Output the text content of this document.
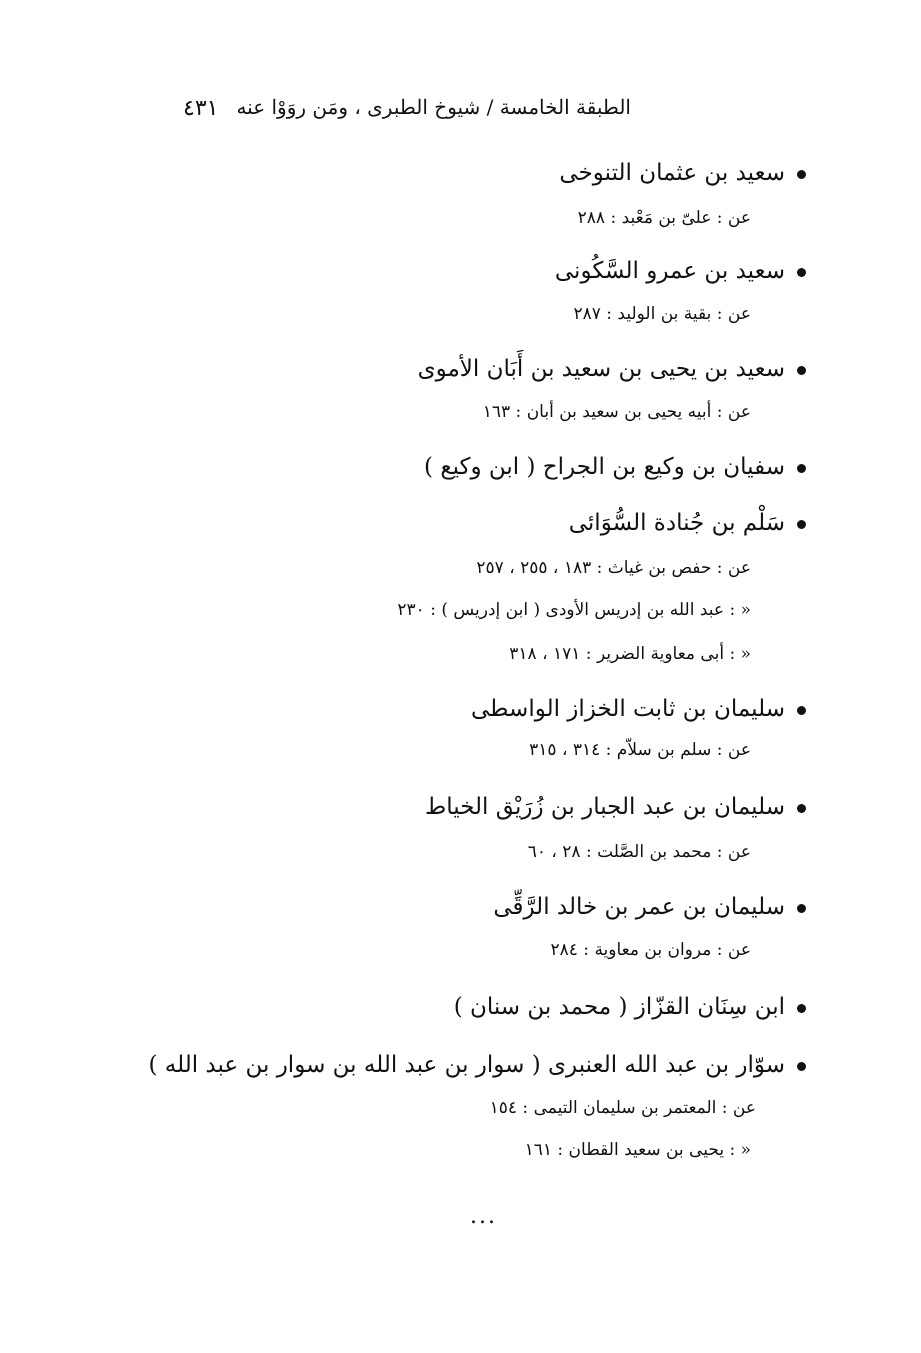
٤٣١ الطبقة الخامسة / شيوخ الطبرى ، ومَن روَوْا عنه
سعيد بن عثمان التنوخى
عن : علىّ بن مَعْبد : ٢٨٨
سعيد بن عمرو السَّكُونى
عن : بقية بن الوليد : ٢٨٧
سعيد بن يحيى بن سعيد بن أَبَان الأموى
عن : أبيه يحيى بن سعيد بن أبان : ١٦٣
سفيان بن وكيع بن الجراح ( ابن وكيع )
سَلْم بن جُنادة السُّوَائى
عن : حفص بن غياث : ١٨٣ ، ٢٥٥ ، ٢٥٧
« : عبد الله بن إدريس الأودى ( ابن إدريس ) : ٢٣٠
« : أبى معاوية الضرير : ١٧١ ، ٣١٨
سليمان بن ثابت الخزاز الواسطى
عن : سلم بن سلاّم : ٣١٤ ، ٣١٥
سليمان بن عبد الجبار بن زُرَيْق الخياط
عن : محمد بن الصَّلت : ٢٨ ، ٦٠
سليمان بن عمر بن خالد الرَّقِّى
عن : مروان بن معاوية : ٢٨٤
ابن سِنَان القزّاز ( محمد بن سنان )
سوّار بن عبد الله العنبرى ( سوار بن عبد الله بن سوار بن عبد الله )
عن : المعتمر بن سليمان التيمى : ١٥٤
« : يحيى بن سعيد القطان : ١٦١
...
